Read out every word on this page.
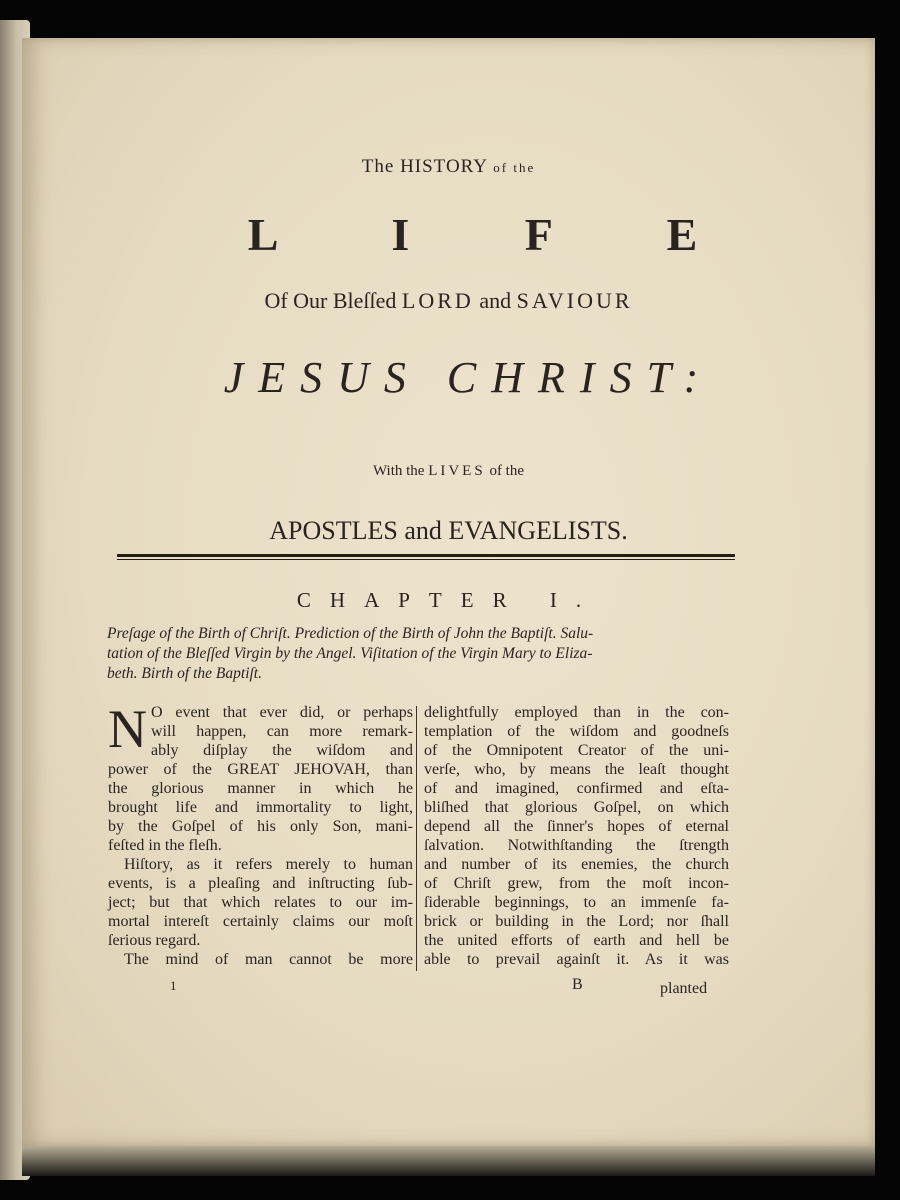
The HISTORY of the
L I F E
Of Our Bleſſed LORD and SAVIOUR
JESUS CHRIST:
With the LIVES of the
APOSTLES and EVANGELISTS.
CHAPTER I.
Preſage of the Birth of Chriſt. Prediction of the Birth of John the Baptiſt. Salu-
tation of the Bleſſed Virgin by the Angel. Viſitation of the Virgin Mary to Eliza-
beth. Birth of the Baptiſt.
N O event that ever did, or perhaps
will happen, can more remark-
ably diſplay the wiſdom and
power of the GREAT JEHOVAH, than
the glorious manner in which he
brought life and immortality to light,
by the Goſpel of his only Son, mani-
feſted in the fleſh.
Hiſtory, as it refers merely to human
events, is a pleaſing and inſtructing ſub-
ject; but that which relates to our im-
mortal intereſt certainly claims our moſt
ſerious regard.
The mind of man cannot be more
delightfully employed than in the con-
templation of the wiſdom and goodneſs
of the Omnipotent Creator of the uni-
verſe, who, by means the leaſt thought
of and imagined, confirmed and eſta-
bliſhed that glorious Goſpel, on which
depend all the ſinner's hopes of eternal
ſalvation. Notwithſtanding the ſtrength
and number of its enemies, the church
of Chriſt grew, from the moſt incon-
ſiderable beginnings, to an immenſe fa-
brick or building in the Lord; nor ſhall
the united efforts of earth and hell be
able to prevail againſt it. As it was
1	B	planted
